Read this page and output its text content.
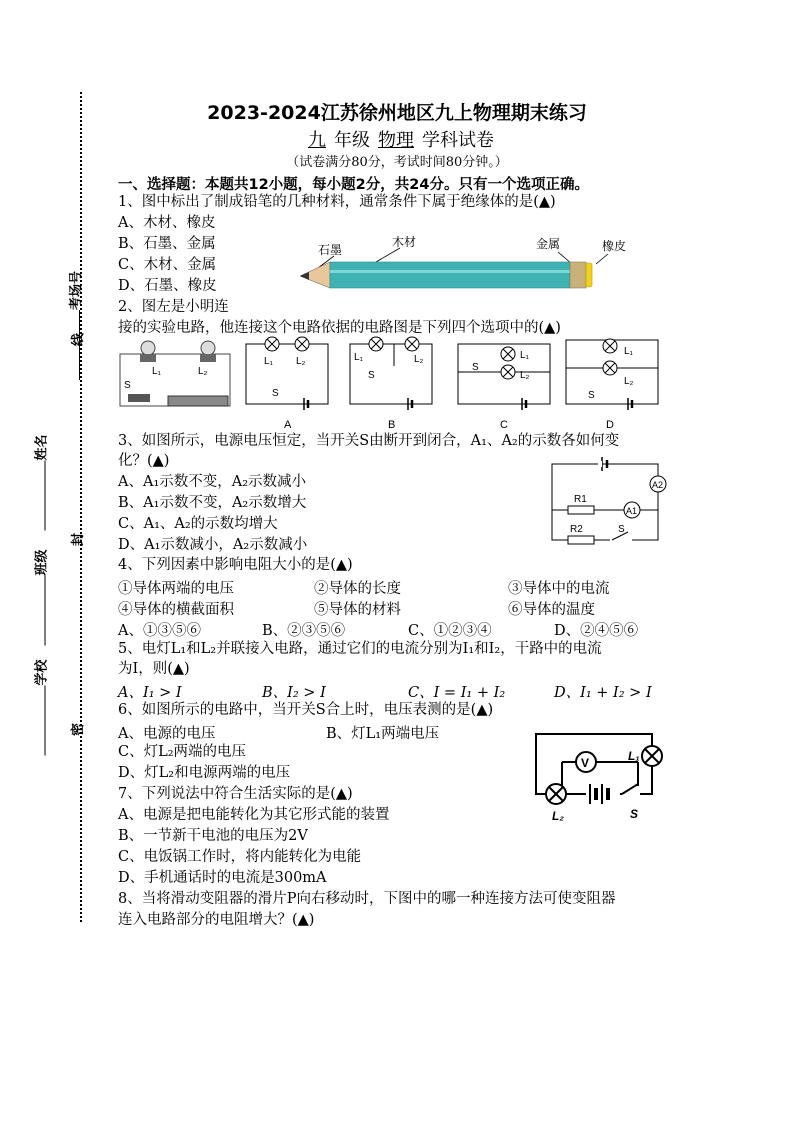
考场号
线
姓名
封
班级
学校
密
2023-2024江苏徐州地区九上物理期末练习
九 年级 物理 学科试卷
（试卷满分80分，考试时间80分钟。）
一、选择题：本题共12小题，每小题2分，共24分。只有一个选项正确。
1、图中标出了制成铅笔的几种材料，通常条件下属于绝缘体的是(▲)
A、木材、橡皮
B、石墨、金属
C、木材、金属
D、石墨、橡皮
石墨
木材	金属	橡皮
2、图左是小明连
接的实验电路，他连接这个电路依据的电路图是下列四个选项中的(▲)
L₁	L₂
S
L₁ L₂
S
A
L₁	L₂
S
B
L₁
L₂
S
C
L₁
L₂
S
D
3、如图所示，电源电压恒定，当开关S由断开到闭合，A₁、A₂的示数各如何变
化？(▲)
A、A₁示数不变，A₂示数减小
B、A₁示数不变，A₂示数增大
C、A₁、A₂的示数均增大
D、A₁示数减小，A₂示数减小
A2
R1
A1
R2	S
4、下列因素中影响电阻大小的是(▲)
①导体两端的电压	②导体的长度	③导体中的电流
④导体的横截面积	⑤导体的材料	⑥导体的温度
A、①③⑤⑥	B、②③⑤⑥	C、①②③④	D、②④⑤⑥
5、电灯L₁和L₂并联接入电路，通过它们的电流分别为I₁和I₂，干路中的电流
为I，则(▲)
A、I₁ > I	B、I₂ > I	C、I = I₁ + I₂	D、I₁ + I₂ > I
6、如图所示的电路中，当开关S合上时，电压表测的是(▲)
A、电源的电压	B、灯L₁两端电压
C、灯L₂两端的电压
D、灯L₂和电源两端的电压
V	L₁
L₂	S
7、下列说法中符合生活实际的是(▲)
A、电源是把电能转化为其它形式能的装置
B、一节新干电池的电压为2V
C、电饭锅工作时，将内能转化为电能
D、手机通话时的电流是300mA
8、当将滑动变阻器的滑片P向右移动时，下图中的哪一种连接方法可使变阻器
连入电路部分的电阻增大？(▲)
